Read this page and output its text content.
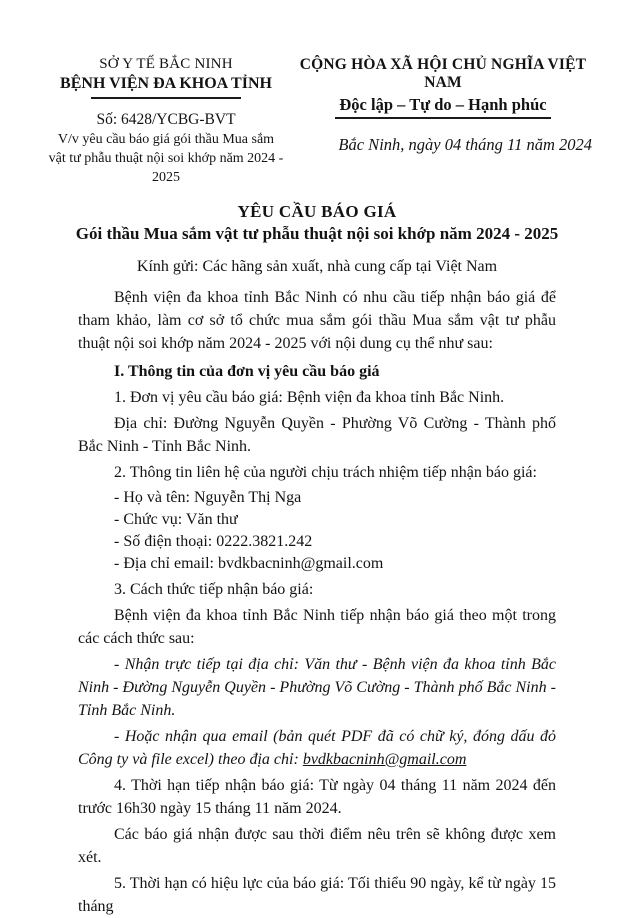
SỞ Y TẾ BẮC NINH
BỆNH VIỆN ĐA KHOA TỈNH
Số: 6428/YCBG-BVT
V/v yêu cầu báo giá gói thầu Mua sắm vật tư phẫu thuật nội soi khớp năm 2024 - 2025
CỘNG HÒA XÃ HỘI CHỦ NGHĨA VIỆT NAM
Độc lập – Tự do – Hạnh phúc
Bắc Ninh, ngày 04 tháng 11 năm 2024
YÊU CẦU BÁO GIÁ
Gói thầu Mua sắm vật tư phẫu thuật nội soi khớp năm 2024 - 2025
Kính gửi: Các hãng sản xuất, nhà cung cấp tại Việt Nam

Bệnh viện đa khoa tỉnh Bắc Ninh có nhu cầu tiếp nhận báo giá để tham khảo, làm cơ sở tổ chức mua sắm gói thầu Mua sắm vật tư phẫu thuật nội soi khớp năm 2024 - 2025 với nội dung cụ thể như sau:

I. Thông tin của đơn vị yêu cầu báo giá

1. Đơn vị yêu cầu báo giá: Bệnh viện đa khoa tỉnh Bắc Ninh.

Địa chỉ: Đường Nguyễn Quyền - Phường Võ Cường - Thành phố Bắc Ninh - Tỉnh Bắc Ninh.

2. Thông tin liên hệ của người chịu trách nhiệm tiếp nhận báo giá:

- Họ và tên: Nguyễn Thị Nga

- Chức vụ: Văn thư

- Số điện thoại: 0222.3821.242

- Địa chỉ email: bvdkbacninh@gmail.com

3. Cách thức tiếp nhận báo giá:

Bệnh viện đa khoa tỉnh Bắc Ninh tiếp nhận báo giá theo một trong các cách thức sau:

- Nhận trực tiếp tại địa chỉ: Văn thư - Bệnh viện đa khoa tỉnh Bắc Ninh - Đường Nguyễn Quyền - Phường Võ Cường - Thành phố Bắc Ninh - Tỉnh Bắc Ninh.

- Hoặc nhận qua email (bản quét PDF đã có chữ ký, đóng dấu đỏ Công ty và file excel) theo địa chỉ: bvdkbacninh@gmail.com

4. Thời hạn tiếp nhận báo giá: Từ ngày 04 tháng 11 năm 2024 đến trước 16h30 ngày 15 tháng 11 năm 2024.

Các báo giá nhận được sau thời điểm nêu trên sẽ không được xem xét.

5. Thời hạn có hiệu lực của báo giá: Tối thiểu 90 ngày, kể từ ngày 15 tháng
